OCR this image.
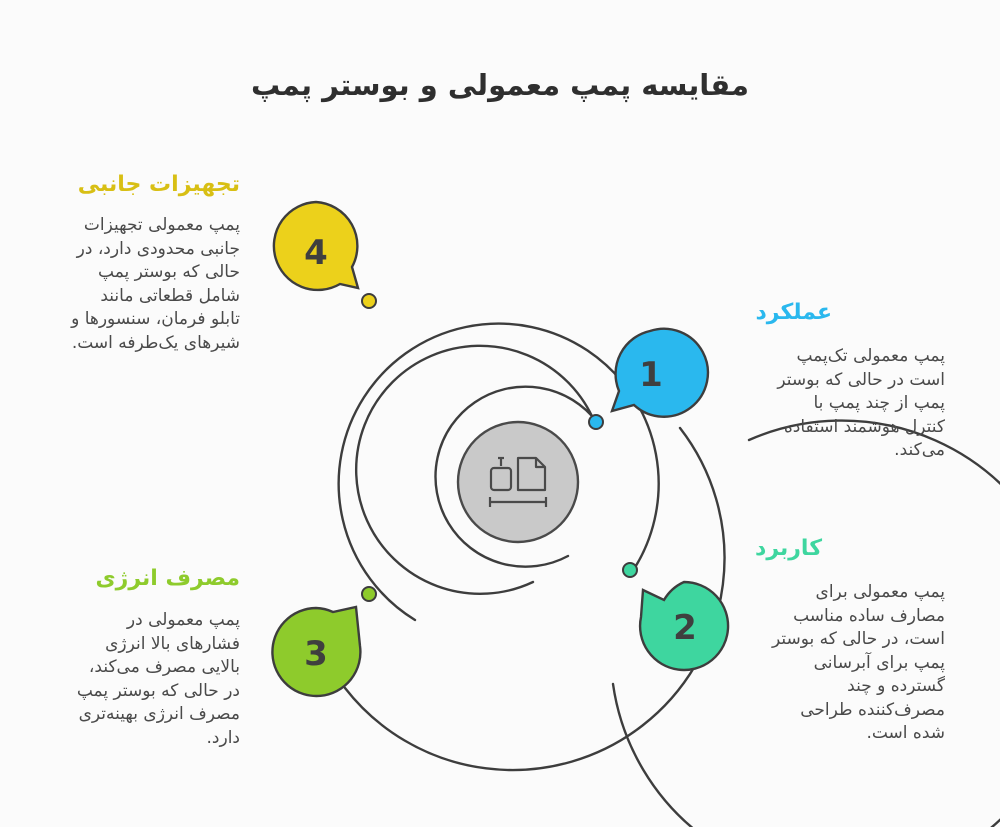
مقایسه پمپ معمولی و بوستر پمپ
1
2
3
4
عملکرد
پمپ معمولی تک‌پمپ
است در حالی که بوستر
پمپ از چند پمپ با
کنترل هوشمند استفاده
می‌کند.
کاربرد
پمپ معمولی برای
مصارف ساده مناسب
است، در حالی که بوستر
پمپ برای آبرسانی
گسترده و چند
مصرف‌کننده طراحی
شده است.
مصرف انرژی
پمپ معمولی در
فشارهای بالا انرژی
بالایی مصرف می‌کند،
در حالی که بوستر پمپ
مصرف انرژی بهینه‌تری
دارد.
تجهیزات جانبی
پمپ معمولی تجهیزات
جانبی محدودی دارد، در
حالی که بوستر پمپ
شامل قطعاتی مانند
تابلو فرمان، سنسورها و
شیرهای یک‌طرفه است.
